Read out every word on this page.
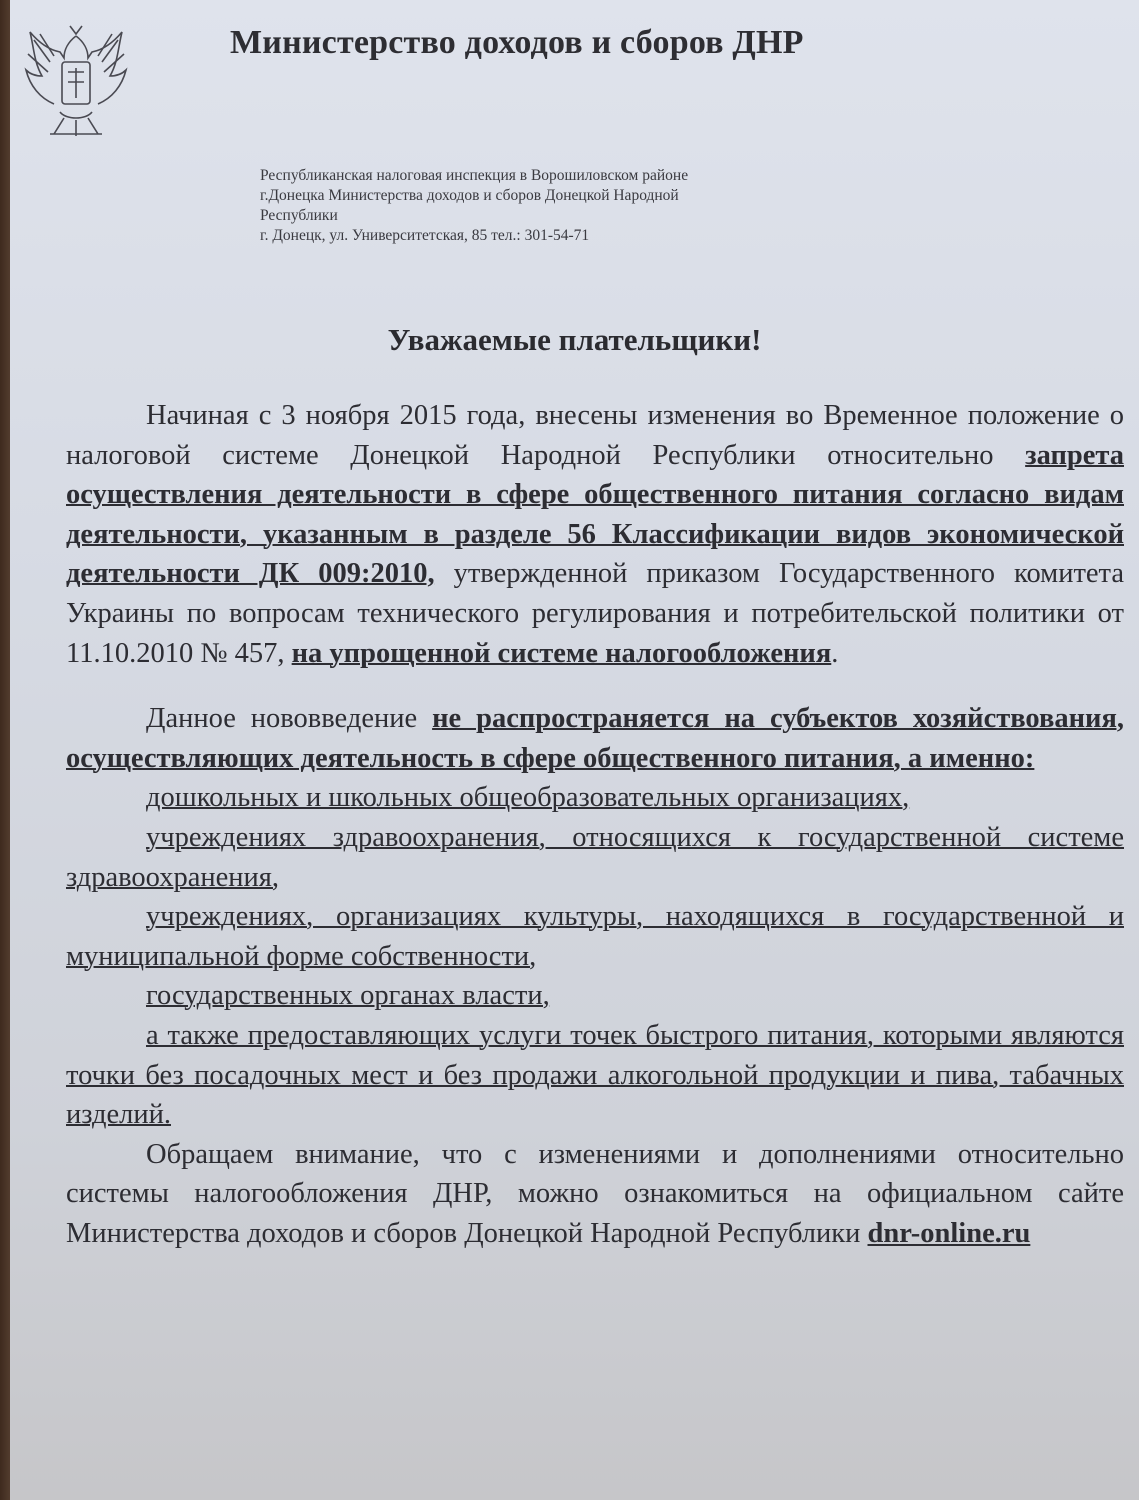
Министерство доходов и сборов ДНР
Республиканская налоговая инспекция в Ворошиловском районе
г.Донецка Министерства доходов и сборов Донецкой Народной
Республики
г. Донецк, ул. Университетская, 85 тел.: 301-54-71
Уважаемые плательщики!

Начиная с 3 ноября 2015 года, внесены изменения во Временное положение о налоговой системе Донецкой Народной Республики относительно запрета осуществления деятельности в сфере общественного питания согласно видам деятельности, указанным в разделе 56 Классификации видов экономической деятельности ДК 009:2010, утвержденной приказом Государственного комитета Украины по вопросам технического регулирования и потребительской политики от 11.10.2010 № 457, на упрощенной системе налогообложения.

Данное нововведение не распространяется на субъектов хозяйствования, осуществляющих деятельность в сфере общественного питания, а именно:

дошкольных и школьных общеобразовательных организациях,

учреждениях здравоохранения, относящихся к государственной системе здравоохранения,

учреждениях, организациях культуры, находящихся в государственной и муниципальной форме собственности,

государственных органах власти,

а также предоставляющих услуги точек быстрого питания, которыми являются точки без посадочных мест и без продажи алкогольной продукции и пива, табачных изделий.

Обращаем внимание, что с изменениями и дополнениями относительно системы налогообложения ДНР, можно ознакомиться на официальном сайте Министерства доходов и сборов Донецкой Народной Республики dnr-online.ru
